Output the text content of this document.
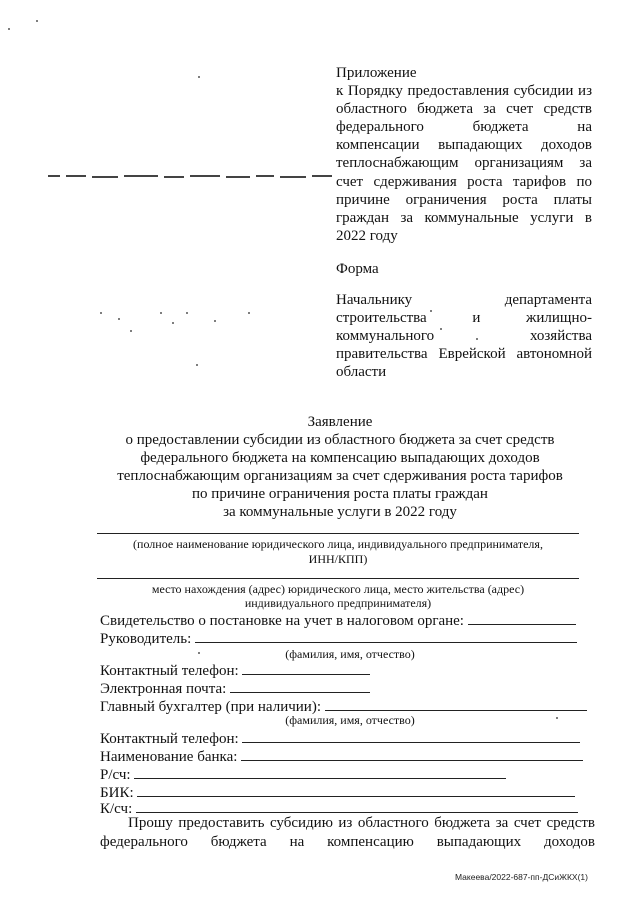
Приложение
к Порядку предоставления субсидии из
областного бюджета за счет средств
федерального бюджета на
компенсации выпадающих доходов
теплоснабжающим организациям за
счет сдерживания роста тарифов по
причине ограничения роста платы
граждан за коммунальные услуги в
2022 году
Форма
Начальнику департамента
строительства и жилищно-
коммунального хозяйства
правительства Еврейской автономной
области
Заявление
о предоставлении субсидии из областного бюджета за счет средств
федерального бюджета на компенсацию выпадающих доходов
теплоснабжающим организациям за счет сдерживания роста тарифов
по причине ограничения роста платы граждан
за коммунальные услуги в 2022 году
(полное наименование юридического лица, индивидуального предпринимателя,
ИНН/КПП)
место нахождения (адрес) юридического лица, место жительства (адрес)
индивидуального предпринимателя)
Свидетельство о постановке на учет в налоговом органе:
Руководитель:
(фамилия, имя, отчество)
Контактный телефон:
Электронная почта:
Главный бухгалтер (при наличии):
(фамилия, имя, отчество)
Контактный телефон:
Наименование банка:
Р/сч:
БИК:
К/сч:
Прошу предоставить субсидию из областного бюджета за счет средств
федерального бюджета на компенсацию выпадающих доходов
Макеева/2022-687-пп-ДСиЖКХ(1)
